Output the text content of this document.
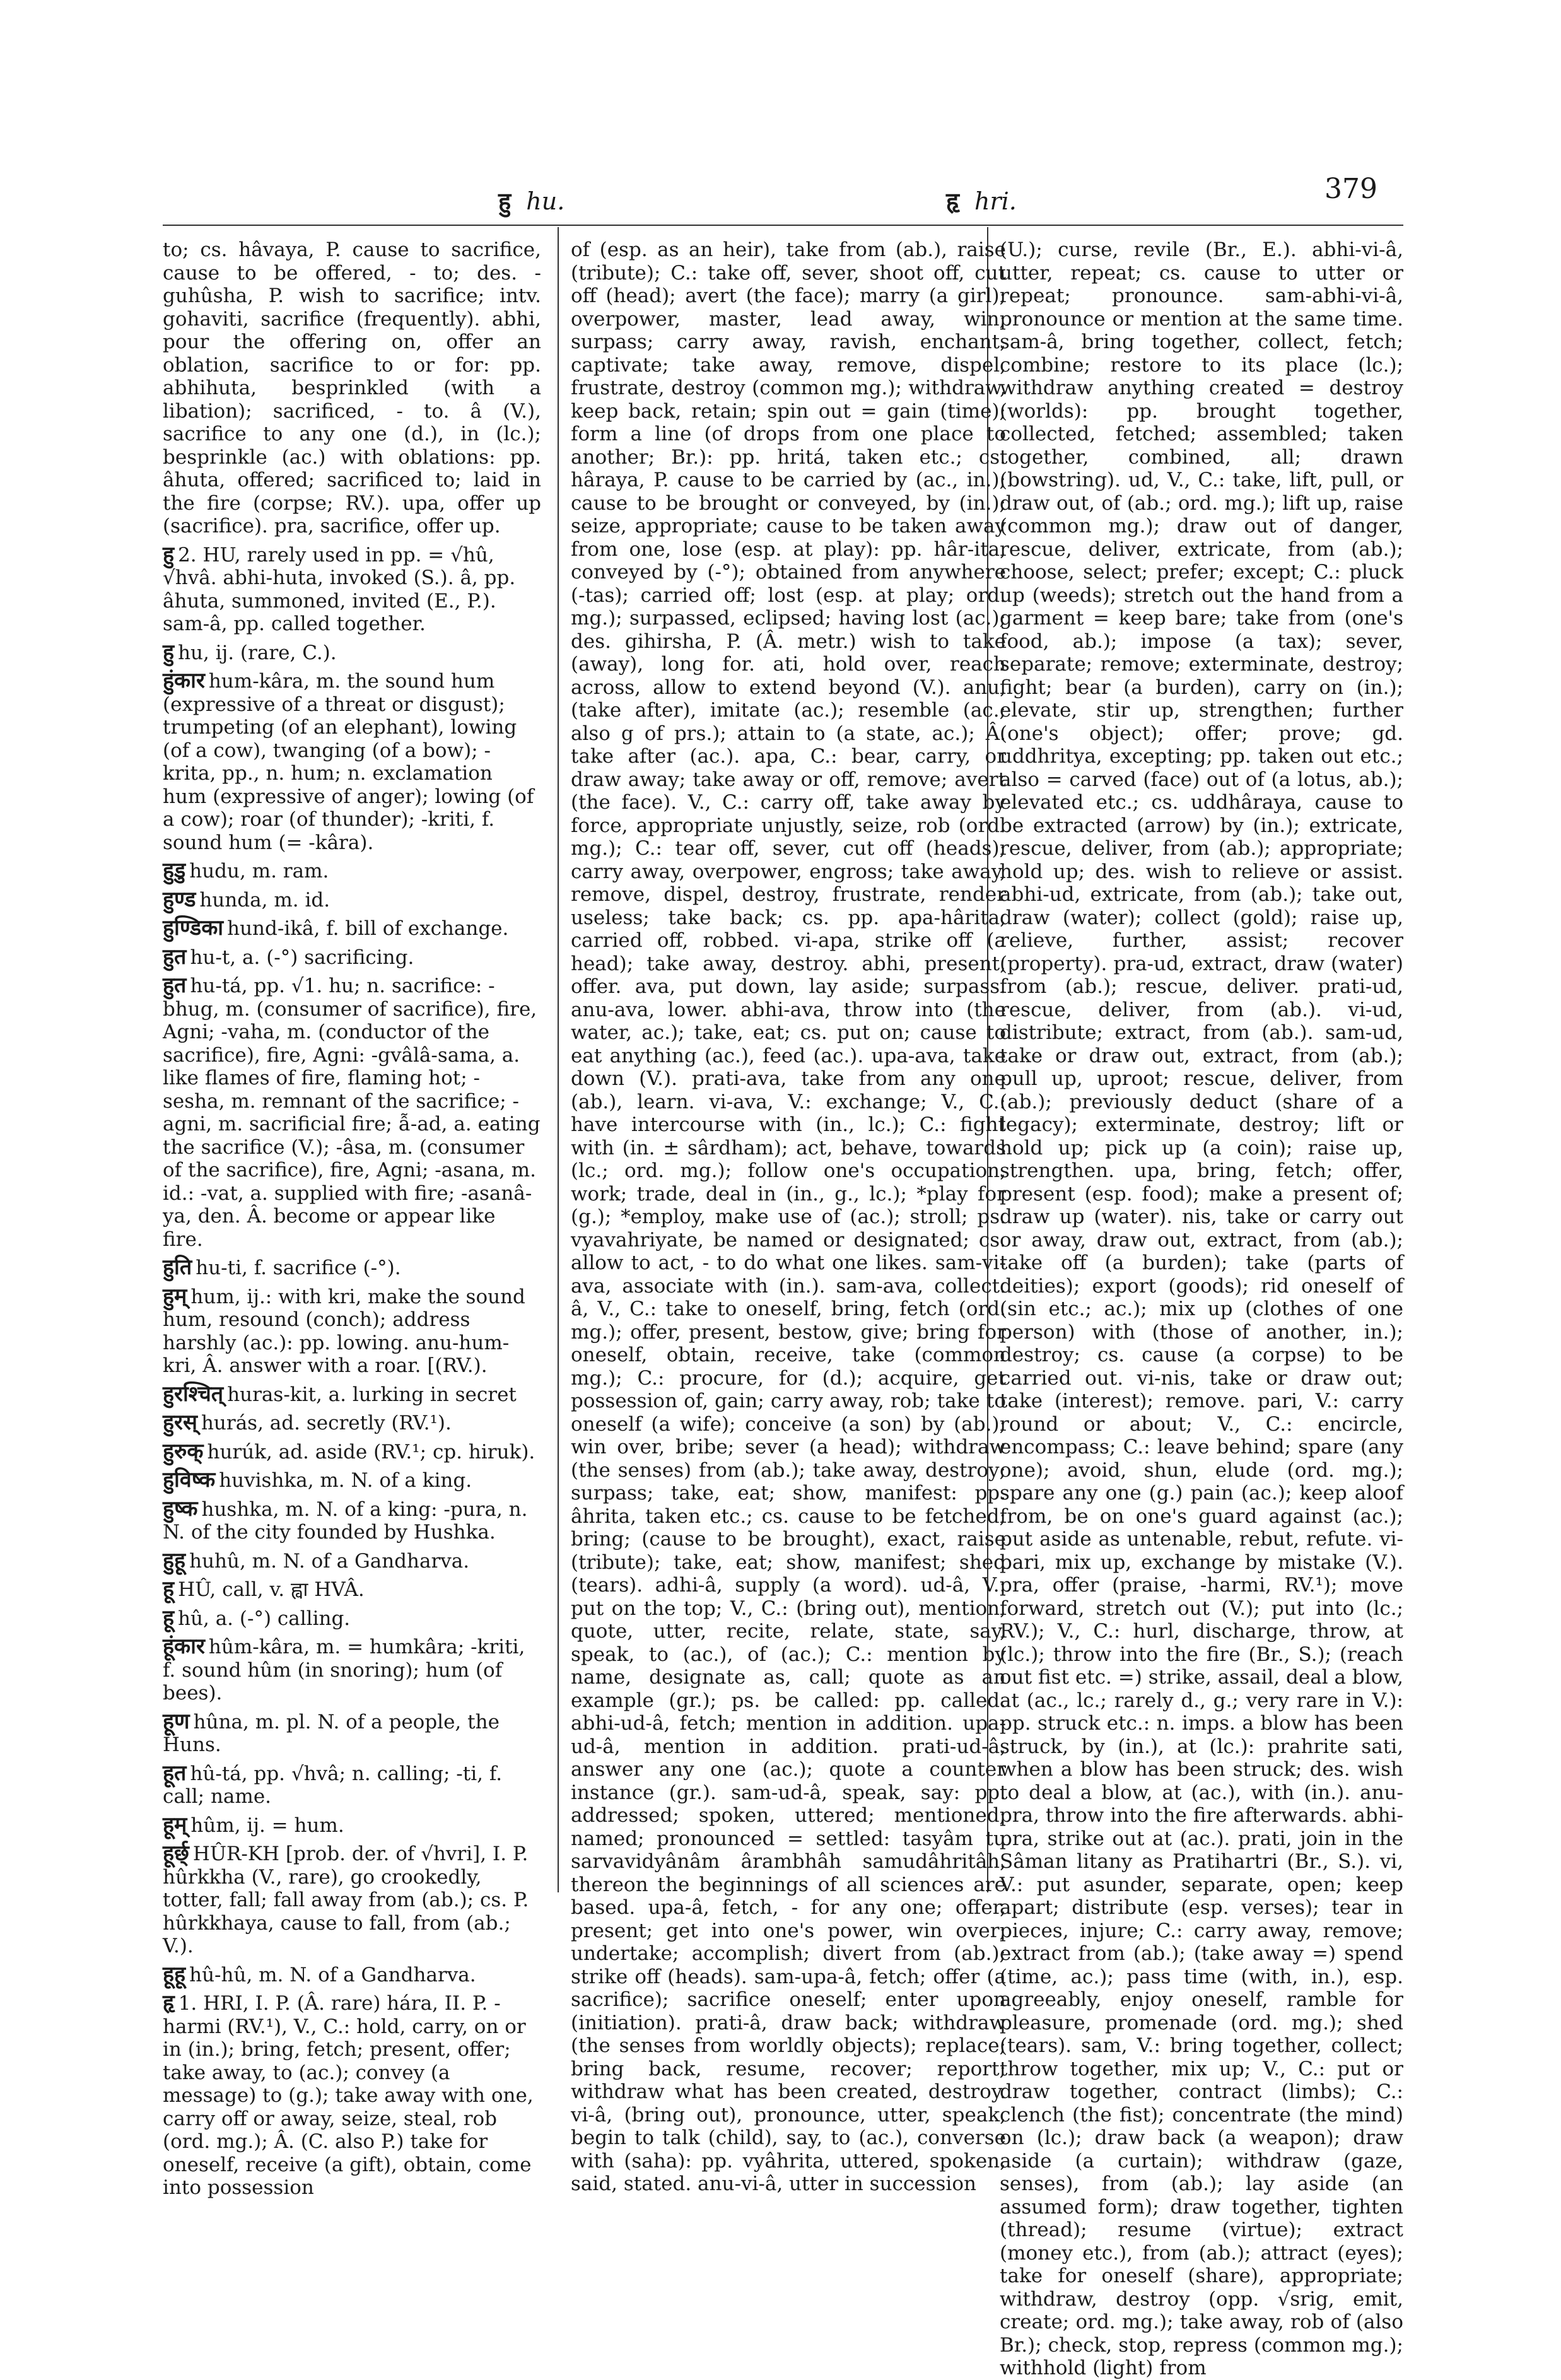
हु hu.	हृ hri.	379
to; cs. hâvaya, P. cause to sacrifice, cause to be offered, - to; des. -guhûsha, P. wish to sacrifice; intv. gohaviti, sacrifice (frequently). abhi, pour the offering on, offer an oblation, sacrifice to or for: pp. abhihuta, besprinkled (with a libation); sacrificed, - to. â (V.), sacrifice to any one (d.), in (lc.); besprinkle (ac.) with oblations: pp. âhuta, offered; sacrificed to; laid in the fire (corpse; RV.). upa, offer up (sacrifice). pra, sacrifice, offer up.
हु 2. HU, rarely used in pp. = √hû, √hvâ. abhi-huta, invoked (S.). â, pp. âhuta, summoned, invited (E., P.). sam-â, pp. called together.
हु hu, ij. (rare, C.).
हुंकार hum-kâra, m. the sound hum (expressive of a threat or disgust); trumpeting (of an elephant), lowing (of a cow), twanging (of a bow); -krita, pp., n. hum; n. exclamation hum (expressive of anger); lowing (of a cow); roar (of thunder); -kriti, f. sound hum (= -kâra).
हुडु hudu, m. ram.
हुण्ड hunda, m. id.
हुण्डिका hund-ikâ, f. bill of exchange.
हुत hu-t, a. (-°) sacrificing.
हुत hu-tá, pp. √1. hu; n. sacrifice: -bhug, m. (consumer of sacrifice), fire, Agni; -vaha, m. (conductor of the sacrifice), fire, Agni: -gvâlâ-sama, a. like flames of fire, flaming hot; -sesha, m. remnant of the sacrifice; -agni, m. sacrificial fire; ẫ-ad, a. eating the sacrifice (V.); -âsa, m. (consumer of the sacrifice), fire, Agni; -asana, m. id.: -vat, a. supplied with fire; -asanâ-ya, den. Â. become or appear like fire.
हुति hu-ti, f. sacrifice (-°).
हुम् hum, ij.: with kri, make the sound hum, resound (conch); address harshly (ac.): pp. lowing. anu-hum-kri, Â. answer with a roar. [(RV.).
हुरश्चित् huras-kit, a. lurking in secret
हुरस् hurás, ad. secretly (RV.¹).
हुरुक् hurúk, ad. aside (RV.¹; cp. hiruk).
हुविष्क huvishka, m. N. of a king.
हुष्क hushka, m. N. of a king: -pura, n. N. of the city founded by Hushka.
हुहू huhû, m. N. of a Gandharva.
हू HÛ, call, v. ह्वा HVÂ.
हू hû, a. (-°) calling.
हूंकार hûm-kâra, m. = humkâra; -kriti, f. sound hûm (in snoring); hum (of bees).
हूण hûna, m. pl. N. of a people, the Huns.
हूत hû-tá, pp. √hvâ; n. calling; -ti, f. call; name.
हूम् hûm, ij. = hum.
हूर्छ् HÛR-KH [prob. der. of √hvri], I. P. hûrkkha (V., rare), go crookedly, totter, fall; fall away from (ab.); cs. P. hûrkkhaya, cause to fall, from (ab.; V.).
हूहू hû-hû, m. N. of a Gandharva.
हृ 1. HRI, I. P. (Â. rare) hára, II. P. -harmi (RV.¹), V., C.: hold, carry, on or in (in.); bring, fetch; present, offer; take away, to (ac.); convey (a message) to (g.); take away with one, carry off or away, seize, steal, rob (ord. mg.); Â. (C. also P.) take for oneself, receive (a gift), obtain, come into possession
of (esp. as an heir), take from (ab.), raise (tribute); C.: take off, sever, shoot off, cut off (head); avert (the face); marry (a girl); overpower, master, lead away, win; surpass; carry away, ravish, enchant, captivate; take away, remove, dispel, frustrate, destroy (common mg.); withdraw, keep back, retain; spin out = gain (time); form a line (of drops from one place to another; Br.): pp. hritá, taken etc.; cs. hâraya, P. cause to be carried by (ac., in.); cause to be brought or conveyed, by (in.); seize, appropriate; cause to be taken away from one, lose (esp. at play): pp. hâr-ita, conveyed by (-°); obtained from anywhere (-tas); carried off; lost (esp. at play; ord. mg.); surpassed, eclipsed; having lost (ac.); des. gihirsha, P. (Â. metr.) wish to take (away), long for. ati, hold over, reach across, allow to extend beyond (V.). anu, (take after), imitate (ac.); resemble (ac.; also g of prs.); attain to (a state, ac.); Â. take after (ac.). apa, C.: bear, carry, or draw away; take away or off, remove; avert (the face). V., C.: carry off, take away by force, appropriate unjustly, seize, rob (ord. mg.); C.: tear off, sever, cut off (heads); carry away, overpower, engross; take away, remove, dispel, destroy, frustrate, render useless; take back; cs. pp. apa-hârita, carried off, robbed. vi-apa, strike off (a head); take away, destroy. abhi, present, offer. ava, put down, lay aside; surpass. anu-ava, lower. abhi-ava, throw into (the water, ac.); take, eat; cs. put on; cause to eat anything (ac.), feed (ac.). upa-ava, take down (V.). prati-ava, take from any one (ab.), learn. vi-ava, V.: exchange; V., C.: have intercourse with (in., lc.); C.: fight with (in. ± sârdham); act, behave, towards (lc.; ord. mg.); follow one's occupation, work; trade, deal in (in., g., lc.); *play for (g.); *employ, make use of (ac.); stroll; ps. vyavahriyate, be named or designated; cs. allow to act, - to do what one likes. sam-vi-ava, associate with (in.). sam-ava, collect. â, V., C.: take to oneself, bring, fetch (ord. mg.); offer, present, bestow, give; bring for oneself, obtain, receive, take (common mg.); C.: procure, for (d.); acquire, get possession of, gain; carry away, rob; take to oneself (a wife); conceive (a son) by (ab.); win over, bribe; sever (a head); withdraw (the senses) from (ab.); take away, destroy; surpass; take, eat; show, manifest: pp. âhrita, taken etc.; cs. cause to be fetched; bring; (cause to be brought), exact, raise (tribute); take, eat; show, manifest; shed (tears). adhi-â, supply (a word). ud-â, V.: put on the top; V., C.: (bring out), mention, quote, utter, recite, relate, state, say, speak, to (ac.), of (ac.); C.: mention by name, designate as, call; quote as an example (gr.); ps. be called: pp. called. abhi-ud-â, fetch; mention in addition. upa-ud-â, mention in addition. prati-ud-â, answer any one (ac.); quote a counter instance (gr.). sam-ud-â, speak, say: pp. addressed; spoken, uttered; mentioned; named; pronounced = settled: tasyâm tu sarvavidyânâm ârambhâh samudâhritâh, thereon the beginnings of all sciences are based. upa-â, fetch, - for any one; offer, present; get into one's power, win over; undertake; accomplish; divert from (ab.); strike off (heads). sam-upa-â, fetch; offer (a sacrifice); sacrifice oneself; enter upon (initiation). prati-â, draw back; withdraw (the senses from worldly objects); replace; bring back, resume, recover; report; withdraw what has been created, destroy. vi-â, (bring out), pronounce, utter, speak, begin to talk (child), say, to (ac.), converse with (saha): pp. vyâhrita, uttered, spoken, said, stated. anu-vi-â, utter in succession
(U.); curse, revile (Br., E.). abhi-vi-â, utter, repeat; cs. cause to utter or repeat; pronounce. sam-abhi-vi-â, pronounce or mention at the same time. sam-â, bring together, collect, fetch; combine; restore to its place (lc.); withdraw anything created = destroy (worlds): pp. brought together, collected, fetched; assembled; taken together, combined, all; drawn (bowstring). ud, V., C.: take, lift, pull, or draw out, of (ab.; ord. mg.); lift up, raise (common mg.); draw out of danger, rescue, deliver, extricate, from (ab.); choose, select; prefer; except; C.: pluck up (weeds); stretch out the hand from a garment = keep bare; take from (one's food, ab.); impose (a tax); sever, separate; remove; exterminate, destroy; fight; bear (a burden), carry on (in.); elevate, stir up, strengthen; further (one's object); offer; prove; gd. uddhritya, excepting; pp. taken out etc.; also = carved (face) out of (a lotus, ab.); elevated etc.; cs. uddhâraya, cause to be extracted (arrow) by (in.); extricate, rescue, deliver, from (ab.); appropriate; hold up; des. wish to relieve or assist. abhi-ud, extricate, from (ab.); take out, draw (water); collect (gold); raise up, relieve, further, assist; recover (property). pra-ud, extract, draw (water) from (ab.); rescue, deliver. prati-ud, rescue, deliver, from (ab.). vi-ud, distribute; extract, from (ab.). sam-ud, take or draw out, extract, from (ab.); pull up, uproot; rescue, deliver, from (ab.); previously deduct (share of a legacy); exterminate, destroy; lift or hold up; pick up (a coin); raise up, strengthen. upa, bring, fetch; offer, present (esp. food); make a present of; draw up (water). nis, take or carry out or away, draw out, extract, from (ab.); take off (a burden); take (parts of deities); export (goods); rid oneself of (sin etc.; ac.); mix up (clothes of one person) with (those of another, in.); destroy; cs. cause (a corpse) to be carried out. vi-nis, take or draw out; take (interest); remove. pari, V.: carry round or about; V., C.: encircle, encompass; C.: leave behind; spare (any one); avoid, shun, elude (ord. mg.); spare any one (g.) pain (ac.); keep aloof from, be on one's guard against (ac.); put aside as untenable, rebut, refute. vi-pari, mix up, exchange by mistake (V.). pra, offer (praise, -harmi, RV.¹); move forward, stretch out (V.); put into (lc.; RV.); V., C.: hurl, discharge, throw, at (lc.); throw into the fire (Br., S.); (reach out fist etc. =) strike, assail, deal a blow, at (ac., lc.; rarely d., g.; very rare in V.): pp. struck etc.: n. imps. a blow has been struck, by (in.), at (lc.): prahrite sati, when a blow has been struck; des. wish to deal a blow, at (ac.), with (in.). anu-pra, throw into the fire afterwards. abhi-pra, strike out at (ac.). prati, join in the Sâman litany as Pratihartri (Br., S.). vi, V.: put asunder, separate, open; keep apart; distribute (esp. verses); tear in pieces, injure; C.: carry away, remove; extract from (ab.); (take away =) spend (time, ac.); pass time (with, in.), esp. agreeably, enjoy oneself, ramble for pleasure, promenade (ord. mg.); shed (tears). sam, V.: bring together, collect; throw together, mix up; V., C.: put or draw together, contract (limbs); C.: clench (the fist); concentrate (the mind) on (lc.); draw back (a weapon); draw aside (a curtain); withdraw (gaze, senses), from (ab.); lay aside (an assumed form); draw together, tighten (thread); resume (virtue); extract (money etc.), from (ab.); attract (eyes); take for oneself (share), appropriate; withdraw, destroy (opp. √srig, emit, create; ord. mg.); take away, rob of (also Br.); check, stop, repress (common mg.); withhold (light) from
